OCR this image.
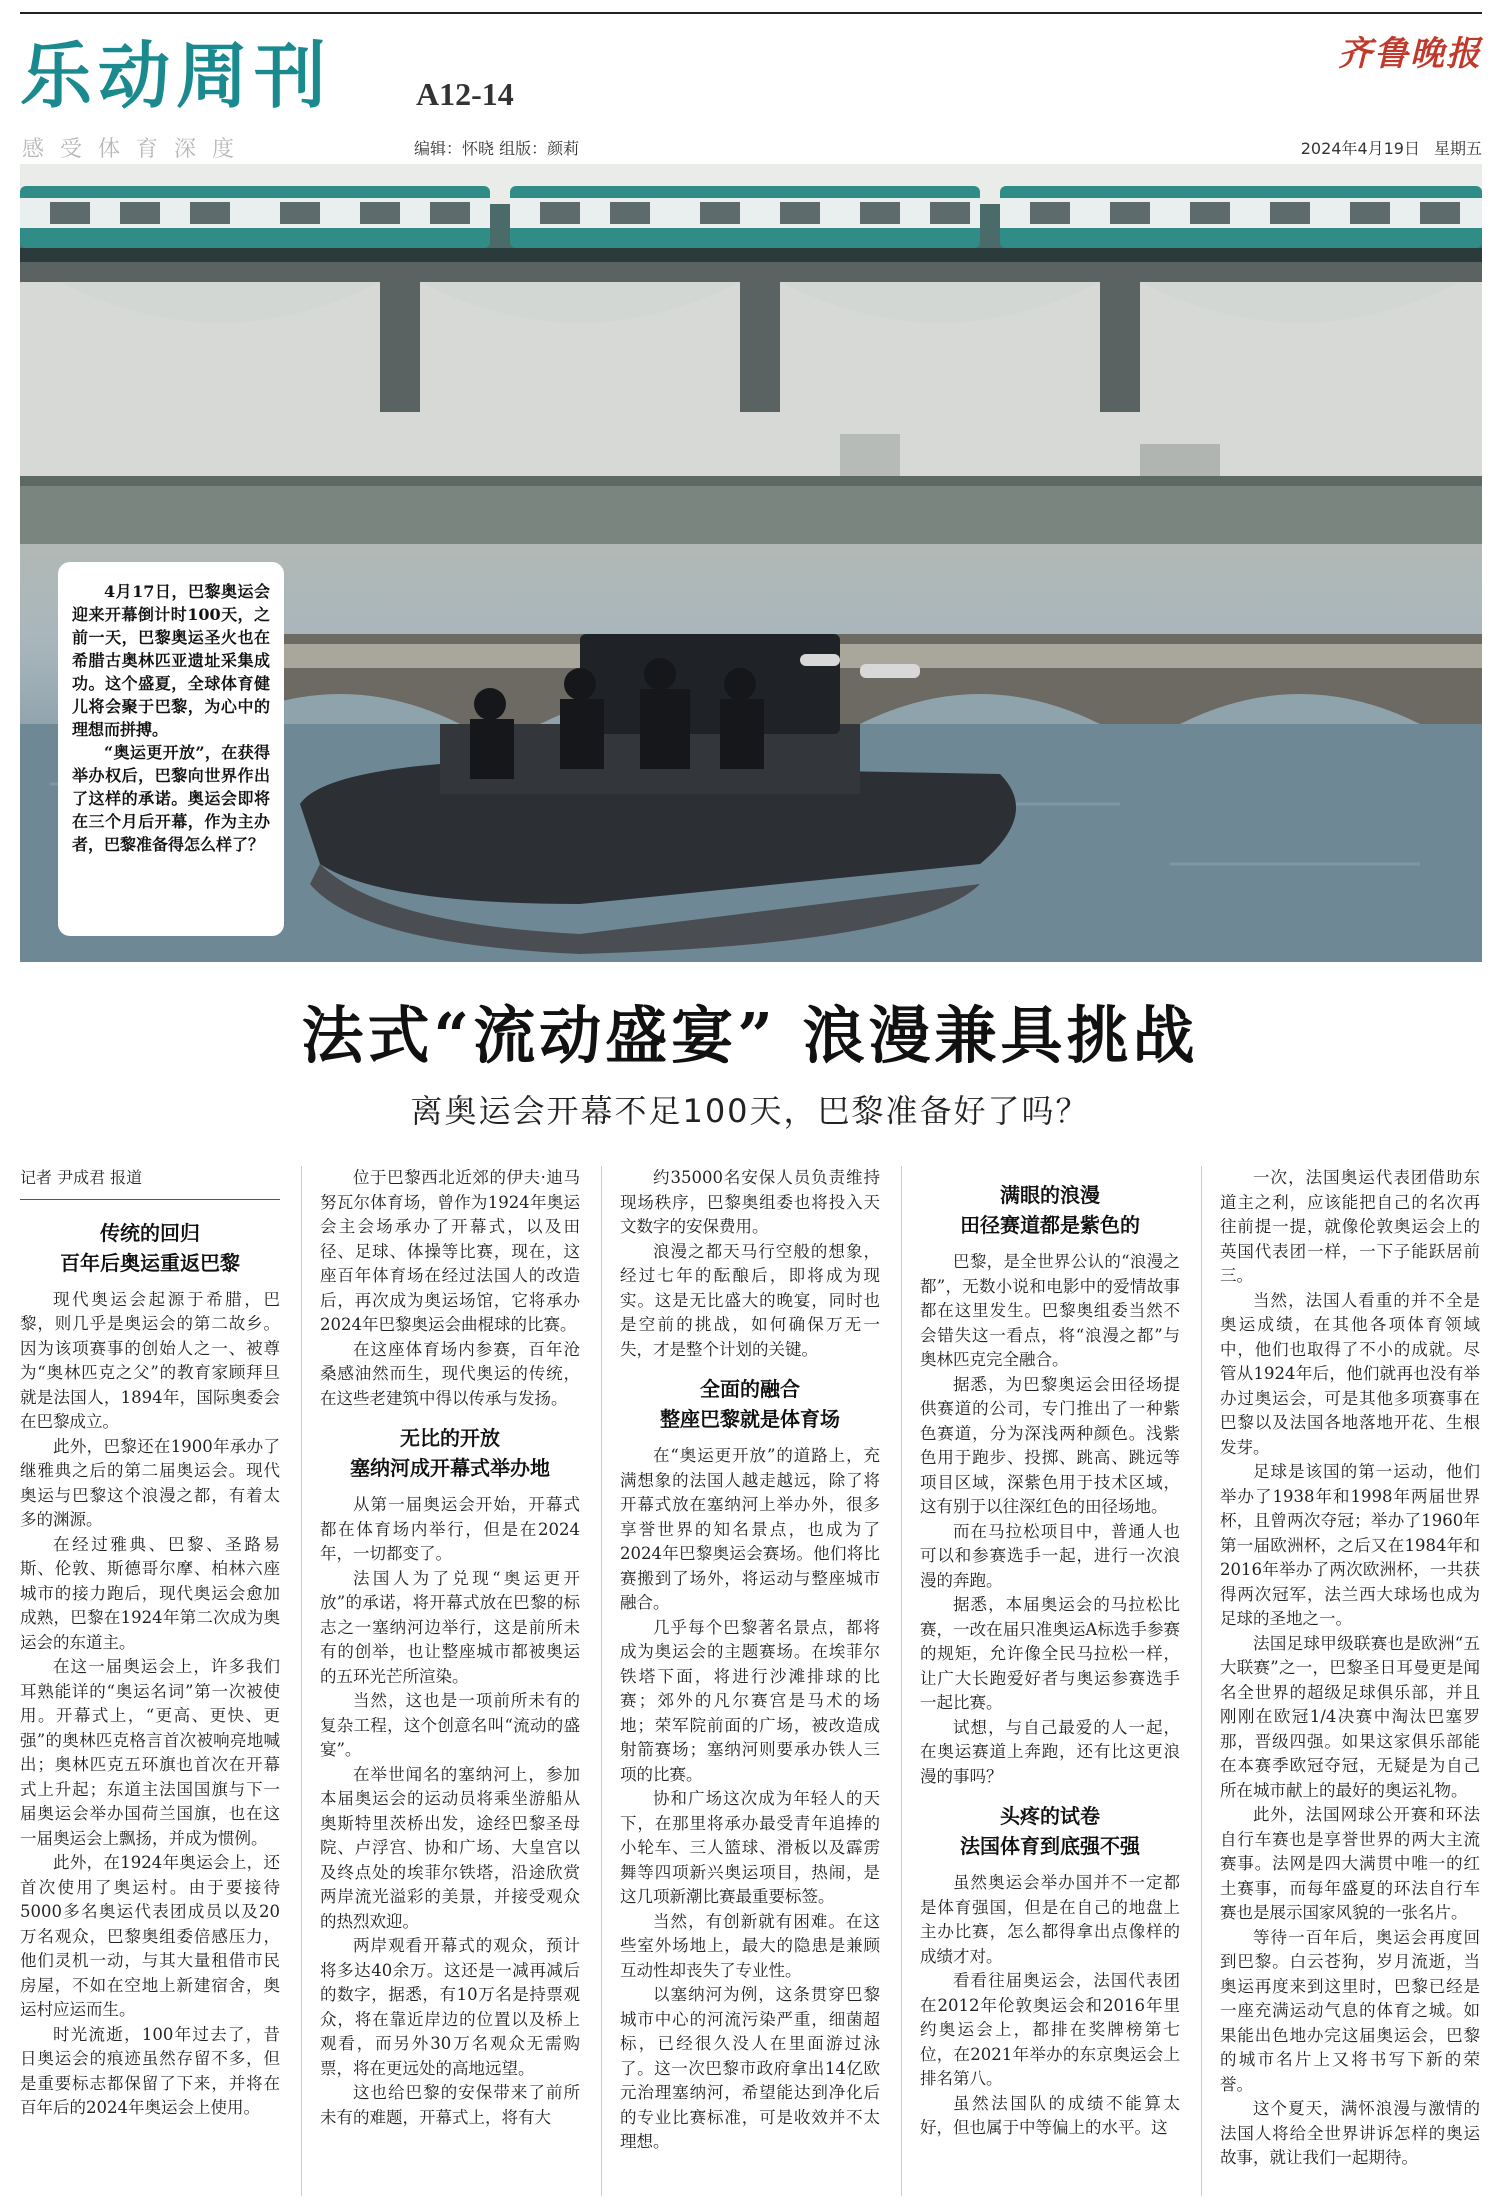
乐动周刊	A12-14
感受体育深度	编辑：怀晓 组版：颜莉
齐鲁晚报
2024年4月19日 星期五

4月17日，巴黎奥运会迎来开幕倒计时100天，之前一天，巴黎奥运圣火也在希腊古奥林匹亚遗址采集成功。这个盛夏，全球体育健儿将会聚于巴黎，为心中的理想而拼搏。

“奥运更开放”，在获得举办权后，巴黎向世界作出了这样的承诺。奥运会即将在三个月后开幕，作为主办者，巴黎准备得怎么样了？

今夏的塞纳河畔，一场举世瞩目的体育盛宴即将拉开帷幕。 新华社发
法式“流动盛宴” 浪漫兼具挑战
离奥运会开幕不足100天，巴黎准备好了吗？

记者 尹成君 报道

传统的回归
百年后奥运重返巴黎

现代奥运会起源于希腊，巴黎，则几乎是奥运会的第二故乡。因为该项赛事的创始人之一、被尊为“奥林匹克之父”的教育家顾拜旦就是法国人，1894年，国际奥委会在巴黎成立。

此外，巴黎还在1900年承办了继雅典之后的第二届奥运会。现代奥运与巴黎这个浪漫之都，有着太多的渊源。

在经过雅典、巴黎、圣路易斯、伦敦、斯德哥尔摩、柏林六座城市的接力跑后，现代奥运会愈加成熟，巴黎在1924年第二次成为奥运会的东道主。

在这一届奥运会上，许多我们耳熟能详的“奥运名词”第一次被使用。开幕式上，“更高、更快、更强”的奥林匹克格言首次被响亮地喊出；奥林匹克五环旗也首次在开幕式上升起；东道主法国国旗与下一届奥运会举办国荷兰国旗，也在这一届奥运会上飘扬，并成为惯例。

此外，在1924年奥运会上，还首次使用了奥运村。由于要接待5000多名奥运代表团成员以及20万名观众，巴黎奥组委倍感压力，他们灵机一动，与其大量租借市民房屋，不如在空地上新建宿舍，奥运村应运而生。

时光流逝，100年过去了，昔日奥运会的痕迹虽然存留不多，但是重要标志都保留了下来，并将在百年后的2024年奥运会上使用。

位于巴黎西北近郊的伊夫·迪马努瓦尔体育场，曾作为1924年奥运会主会场承办了开幕式，以及田径、足球、体操等比赛，现在，这座百年体育场在经过法国人的改造后，再次成为奥运场馆，它将承办2024年巴黎奥运会曲棍球的比赛。

在这座体育场内参赛，百年沧桑感油然而生，现代奥运的传统，在这些老建筑中得以传承与发扬。

无比的开放
塞纳河成开幕式举办地

从第一届奥运会开始，开幕式都在体育场内举行，但是在2024年，一切都变了。

法国人为了兑现“奥运更开放”的承诺，将开幕式放在巴黎的标志之一塞纳河边举行，这是前所未有的创举，也让整座城市都被奥运的五环光芒所渲染。

当然，这也是一项前所未有的复杂工程，这个创意名叫“流动的盛宴”。

在举世闻名的塞纳河上，参加本届奥运会的运动员将乘坐游船从奥斯特里茨桥出发，途经巴黎圣母院、卢浮宫、协和广场、大皇宫以及终点处的埃菲尔铁塔，沿途欣赏两岸流光溢彩的美景，并接受观众的热烈欢迎。

两岸观看开幕式的观众，预计将多达40余万。这还是一减再减后的数字，据悉，有10万名是持票观众，将在靠近岸边的位置以及桥上观看，而另外30万名观众无需购票，将在更远处的高地远望。

这也给巴黎的安保带来了前所未有的难题，开幕式上，将有大

约35000名安保人员负责维持现场秩序，巴黎奥组委也将投入天文数字的安保费用。

浪漫之都天马行空般的想象，经过七年的酝酿后，即将成为现实。这是无比盛大的晚宴，同时也是空前的挑战，如何确保万无一失，才是整个计划的关键。

全面的融合
整座巴黎就是体育场

在“奥运更开放”的道路上，充满想象的法国人越走越远，除了将开幕式放在塞纳河上举办外，很多享誉世界的知名景点，也成为了2024年巴黎奥运会赛场。他们将比赛搬到了场外，将运动与整座城市融合。

几乎每个巴黎著名景点，都将成为奥运会的主题赛场。在埃菲尔铁塔下面，将进行沙滩排球的比赛；郊外的凡尔赛宫是马术的场地；荣军院前面的广场，被改造成射箭赛场；塞纳河则要承办铁人三项的比赛。

协和广场这次成为年轻人的天下，在那里将承办最受青年追捧的小轮车、三人篮球、滑板以及霹雳舞等四项新兴奥运项目，热闹，是这几项新潮比赛最重要标签。

当然，有创新就有困难。在这些室外场地上，最大的隐患是兼顾互动性却丧失了专业性。

以塞纳河为例，这条贯穿巴黎城市中心的河流污染严重，细菌超标，已经很久没人在里面游过泳了。这一次巴黎市政府拿出14亿欧元治理塞纳河，希望能达到净化后的专业比赛标准，可是收效并不太理想。

满眼的浪漫
田径赛道都是紫色的

巴黎，是全世界公认的“浪漫之都”，无数小说和电影中的爱情故事都在这里发生。巴黎奥组委当然不会错失这一看点，将“浪漫之都”与奥林匹克完全融合。

据悉，为巴黎奥运会田径场提供赛道的公司，专门推出了一种紫色赛道，分为深浅两种颜色。浅紫色用于跑步、投掷、跳高、跳远等项目区域，深紫色用于技术区域，这有别于以往深红色的田径场地。

而在马拉松项目中，普通人也可以和参赛选手一起，进行一次浪漫的奔跑。

据悉，本届奥运会的马拉松比赛，一改在届只准奥运A标选手参赛的规矩，允许像全民马拉松一样，让广大长跑爱好者与奥运参赛选手一起比赛。

试想，与自己最爱的人一起，在奥运赛道上奔跑，还有比这更浪漫的事吗？

头疼的试卷
法国体育到底强不强

虽然奥运会举办国并不一定都是体育强国，但是在自己的地盘上主办比赛，怎么都得拿出点像样的成绩才对。

看看往届奥运会，法国代表团在2012年伦敦奥运会和2016年里约奥运会上，都排在奖牌榜第七位，在2021年举办的东京奥运会上排名第八。

虽然法国队的成绩不能算太好，但也属于中等偏上的水平。这

一次，法国奥运代表团借助东道主之利，应该能把自己的名次再往前提一提，就像伦敦奥运会上的英国代表团一样，一下子能跃居前三。

当然，法国人看重的并不全是奥运成绩，在其他各项体育领域中，他们也取得了不小的成就。尽管从1924年后，他们就再也没有举办过奥运会，可是其他多项赛事在巴黎以及法国各地落地开花、生根发芽。

足球是该国的第一运动，他们举办了1938年和1998年两届世界杯，且曾两次夺冠；举办了1960年第一届欧洲杯，之后又在1984年和2016年举办了两次欧洲杯，一共获得两次冠军，法兰西大球场也成为足球的圣地之一。

法国足球甲级联赛也是欧洲“五大联赛”之一，巴黎圣日耳曼更是闻名全世界的超级足球俱乐部，并且刚刚在欧冠1/4决赛中淘汰巴塞罗那，晋级四强。如果这家俱乐部能在本赛季欧冠夺冠，无疑是为自己所在城市献上的最好的奥运礼物。

此外，法国网球公开赛和环法自行车赛也是享誉世界的两大主流赛事。法网是四大满贯中唯一的红土赛事，而每年盛夏的环法自行车赛也是展示国家风貌的一张名片。

等待一百年后，奥运会再度回到巴黎。白云苍狗，岁月流逝，当奥运再度来到这里时，巴黎已经是一座充满运动气息的体育之城。如果能出色地办完这届奥运会，巴黎的城市名片上又将书写下新的荣誉。

这个夏天，满怀浪漫与激情的法国人将给全世界讲诉怎样的奥运故事，就让我们一起期待。
